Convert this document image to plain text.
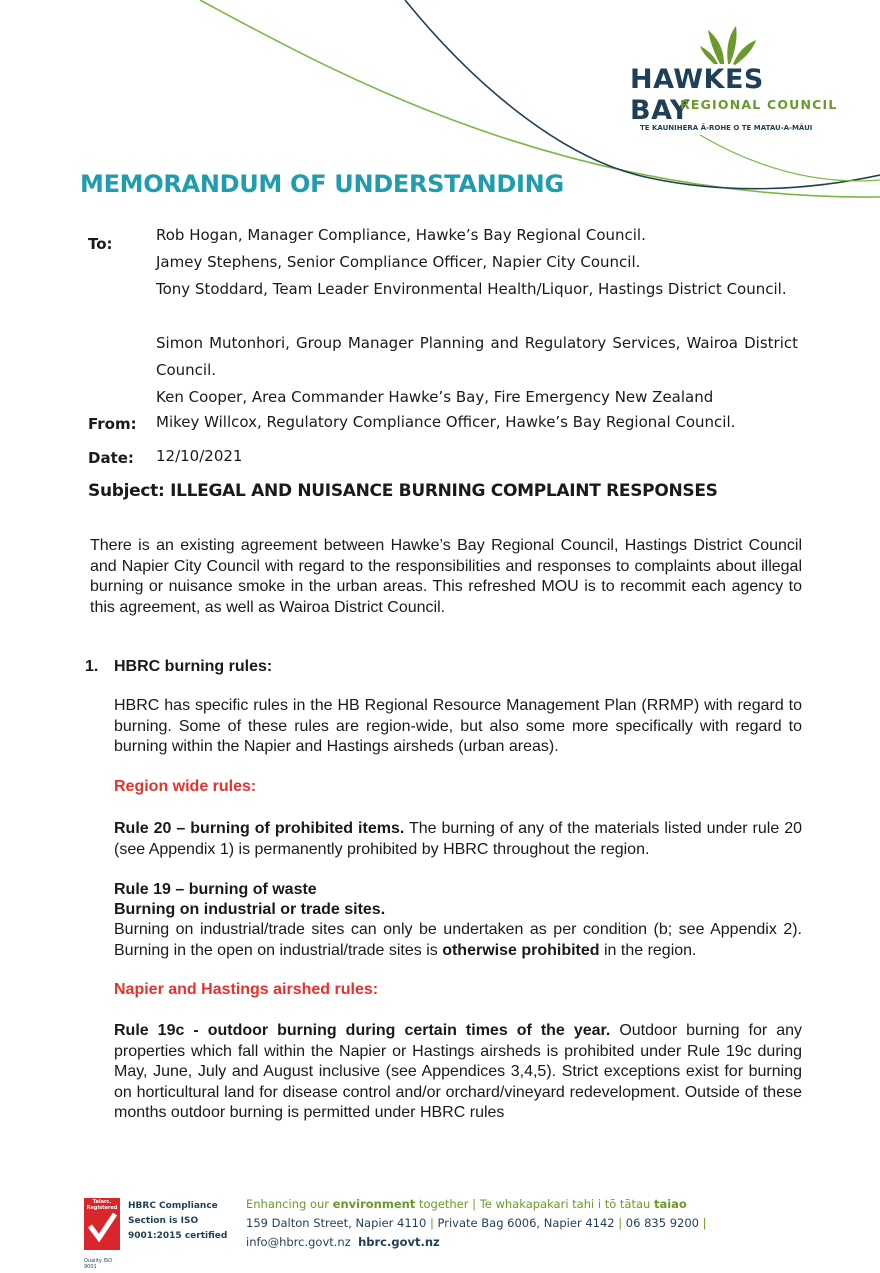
HAWKES BAY
REGIONAL COUNCIL
TE KAUNIHERA Ā-ROHE O TE MATAU-A-MĀUI
MEMORANDUM OF UNDERSTANDING
To:	Rob Hogan, Manager Compliance, Hawke’s Bay Regional Council.
Jamey Stephens, Senior Compliance Officer, Napier City Council.
Tony Stoddard, Team Leader Environmental Health/Liquor, Hastings District Council.
Simon Mutonhori, Group Manager Planning and Regulatory Services, Wairoa District Council.
Ken Cooper, Area Commander Hawke’s Bay, Fire Emergency New Zealand
From: Mikey Willcox, Regulatory Compliance Officer, Hawke’s Bay Regional Council.
Date: 12/10/2021
Subject: ILLEGAL AND NUISANCE BURNING COMPLAINT RESPONSES
There is an existing agreement between Hawke’s Bay Regional Council, Hastings District Council and Napier City Council with regard to the responsibilities and responses to complaints about illegal burning or nuisance smoke in the urban areas. This refreshed MOU is to recommit each agency to this agreement, as well as Wairoa District Council.
1. HBRC burning rules:
HBRC has specific rules in the HB Regional Resource Management Plan (RRMP) with regard to burning. Some of these rules are region-wide, but also some more specifically with regard to burning within the Napier and Hastings airsheds (urban areas).
Region wide rules:
Rule 20 – burning of prohibited items. The burning of any of the materials listed under rule 20 (see Appendix 1) is permanently prohibited by HBRC throughout the region.
Rule 19 – burning of waste
Burning on industrial or trade sites.
Burning on industrial/trade sites can only be undertaken as per condition (b; see Appendix 2). Burning in the open on industrial/trade sites is otherwise prohibited in the region.
Napier and Hastings airshed rules:
Rule 19c - outdoor burning during certain times of the year. Outdoor burning for any properties which fall within the Napier or Hastings airsheds is prohibited under Rule 19c during May, June, July and August inclusive (see Appendices 3,4,5). Strict exceptions exist for burning on horticultural land for disease control and/or orchard/vineyard redevelopment. Outside of these months outdoor burning is permitted under HBRC rules
Telarc. Registered
Quality ISO 9001
HBRC Compliance
Section is ISO
9001:2015 certified
Enhancing our environment together | Te whakapakari tahi i tō tātau taiao
159 Dalton Street, Napier 4110 | Private Bag 6006, Napier 4142 | 06 835 9200 |
info@hbrc.govt.nz hbrc.govt.nz
